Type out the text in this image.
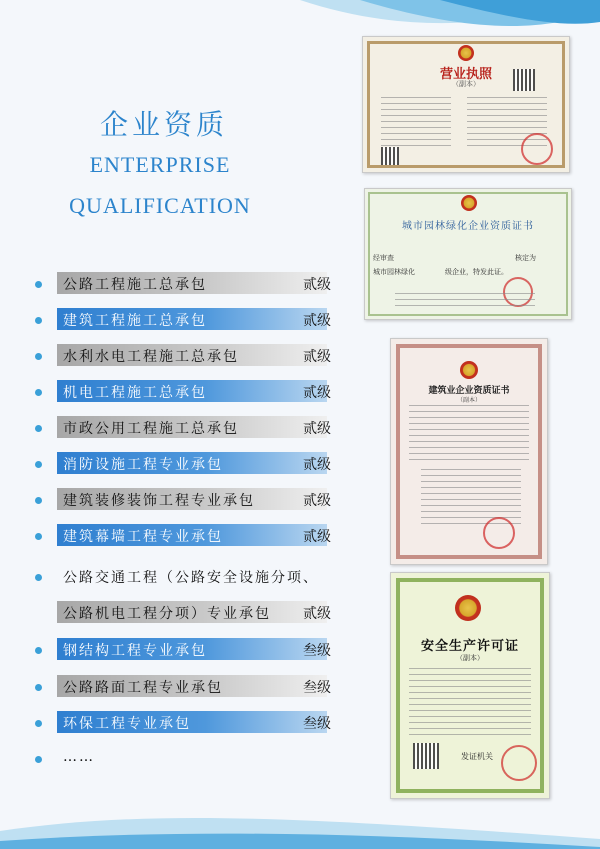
企业资质
ENTERPRISE
QUALIFICATION
公路工程施工总承包	贰级
建筑工程施工总承包	贰级
水利水电工程施工总承包	贰级
机电工程施工总承包	贰级
市政公用工程施工总承包	贰级
消防设施工程专业承包	贰级
建筑装修装饰工程专业承包	贰级
建筑幕墙工程专业承包	贰级
公路交通工程（公路安全设施分项、
公路机电工程分项）专业承包 贰级
钢结构工程专业承包	叁级
公路路面工程专业承包	叁级
环保工程专业承包	叁级
……
营业执照
（副本）
城市园林绿化企业资质证书
经审查	核定为
城市园林绿化	级企业，特发此证。
建筑业企业资质证书
（副本）
安全生产许可证
（副本）
发证机关
